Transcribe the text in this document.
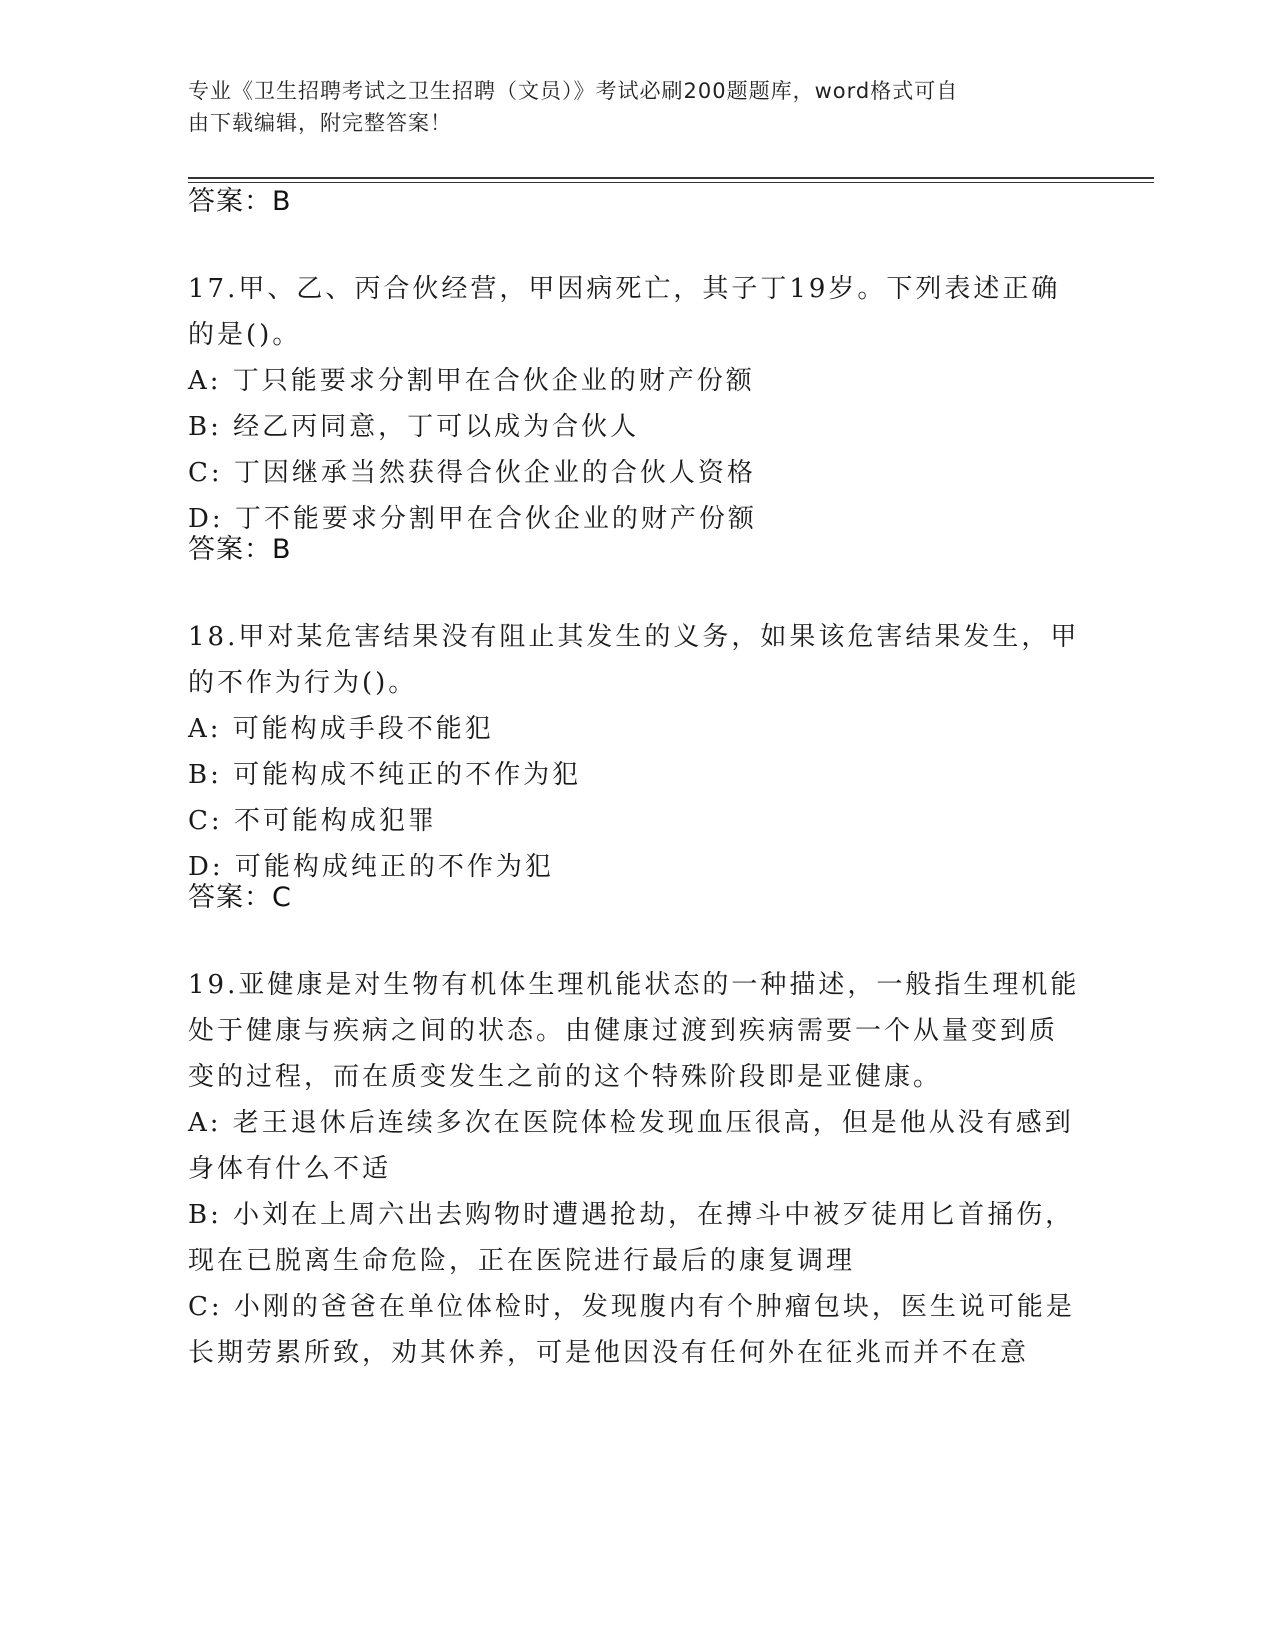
专业《卫生招聘考试之卫生招聘（文员）》考试必刷200题题库，word格式可自
由下载编辑，附完整答案！
答案：B
17.甲、乙、丙合伙经营，甲因病死亡，其子丁19岁。下列表述正确
的是()。
A: 丁只能要求分割甲在合伙企业的财产份额
B: 经乙丙同意，丁可以成为合伙人
C: 丁因继承当然获得合伙企业的合伙人资格
D: 丁不能要求分割甲在合伙企业的财产份额
答案：B
18.甲对某危害结果没有阻止其发生的义务，如果该危害结果发生，甲
的不作为行为()。
A: 可能构成手段不能犯
B: 可能构成不纯正的不作为犯
C: 不可能构成犯罪
D: 可能构成纯正的不作为犯
答案：C
19.亚健康是对生物有机体生理机能状态的一种描述，一般指生理机能
处于健康与疾病之间的状态。由健康过渡到疾病需要一个从量变到质
变的过程，而在质变发生之前的这个特殊阶段即是亚健康。
A: 老王退休后连续多次在医院体检发现血压很高，但是他从没有感到
身体有什么不适
B: 小刘在上周六出去购物时遭遇抢劫，在搏斗中被歹徒用匕首捅伤，
现在已脱离生命危险，正在医院进行最后的康复调理
C: 小刚的爸爸在单位体检时，发现腹内有个肿瘤包块，医生说可能是
长期劳累所致，劝其休养，可是他因没有任何外在征兆而并不在意
